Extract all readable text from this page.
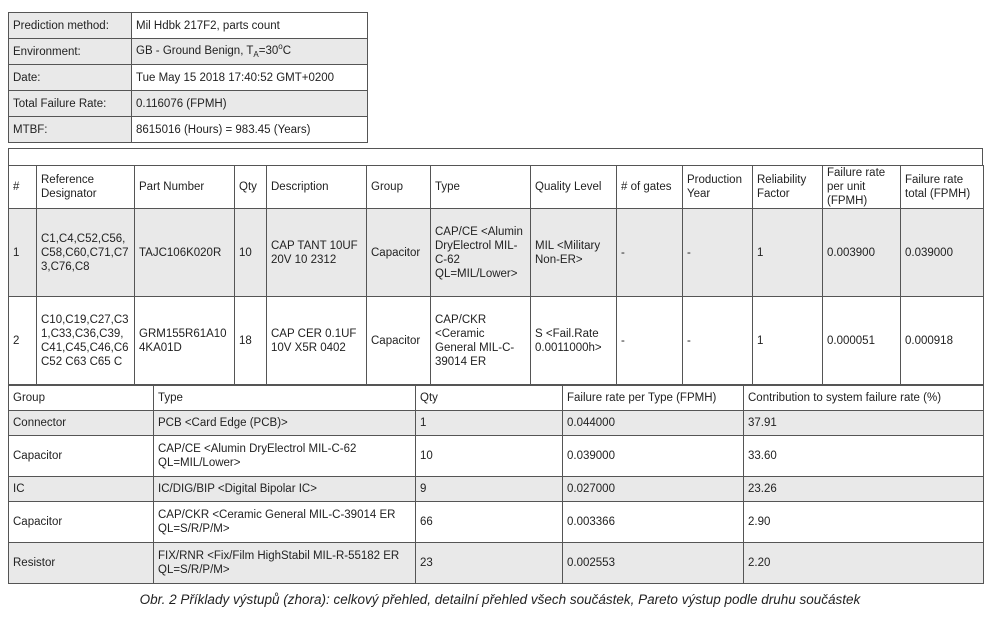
Prediction method:	Mil Hdbk 217F2, parts count
Environment:	GB - Ground Benign, $T_A=30^oC$
Date:	Tue May 15 2018 17:40:52 GMT+0200
Total Failure Rate:	0.116076 (FPMH)
MTBF:	8615016 (Hours) = 983.45 (Years)
#	Reference Designator	Part Number	Qty	Description	Group	Type	Quality Level	# of gates	Production Year	Reliability Factor	Failure rate per unit (FPMH)	Failure rate total (FPMH)
1	C1,C4,C52,C56,C58,C60,C71,C73,C76,C8	TAJC106K020R	10	CAP TANT 10UF 20V 10 2312	Capacitor	CAP/CE <Alumin DryElectrol MIL-C-62 QL=MIL/Lower>	MIL <Military Non-ER>	-	-	1	0.003900	0.039000
2	C10,C19,C27,C31,C33,C36,C39,C41,C45,C46,C6 C52 C63 C65 C	GRM155R61A104KA01D	18	CAP CER 0.1UF 10V X5R 0402	Capacitor	CAP/CKR <Ceramic General MIL-C-39014 ER	S <Fail.Rate 0.0011000h>	-	-	1	0.000051	0.000918
Group	Type	Qty	Failure rate per Type (FPMH)	Contribution to system failure rate (%)
Connector	PCB <Card Edge (PCB)>	1	0.044000	37.91
Capacitor	CAP/CE <Alumin DryElectrol MIL-C-62 QL=MIL/Lower>	10	0.039000	33.60
IC	IC/DIG/BIP <Digital Bipolar IC>	9	0.027000	23.26
Capacitor	CAP/CKR <Ceramic General MIL-C-39014 ER QL=S/R/P/M>	66	0.003366	2.90
Resistor	FIX/RNR <Fix/Film HighStabil MIL-R-55182 ER QL=S/R/P/M>	23	0.002553	2.20
Obr. 2 Příklady výstupů (zhora): celkový přehled, detailní přehled všech součástek, Pareto výstup podle druhu součástek
